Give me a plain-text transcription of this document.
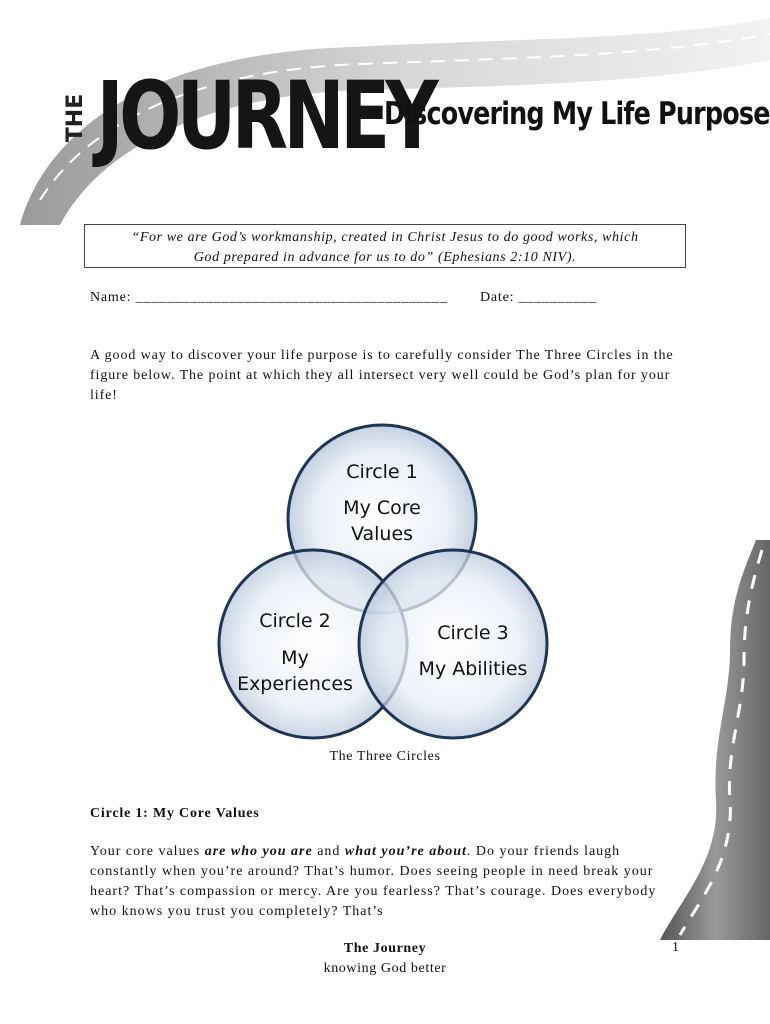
THE JOURNEY
Discovering My Life Purpose
“For we are God’s workmanship, created in Christ Jesus to do good works, which
God prepared in advance for us to do” (Ephesians 2:10 NIV).
Name: ________________________________________ Date: __________
A good way to discover your life purpose is to carefully consider The Three Circles in the figure below. The point at which they all intersect very well could be God’s plan for your life!
Circle 1
My Core
Values
Circle 2
My
Experiences
Circle 3
My Abilities
The Three Circles
Circle 1: My Core Values
Your core values are who you are and what you’re about. Do your friends laugh constantly when you’re around? That’s humor. Does seeing people in need break your heart? That’s compassion or mercy. Are you fearless? That’s courage. Does everybody who knows you trust you completely? That’s
The Journey
knowing God better
1
